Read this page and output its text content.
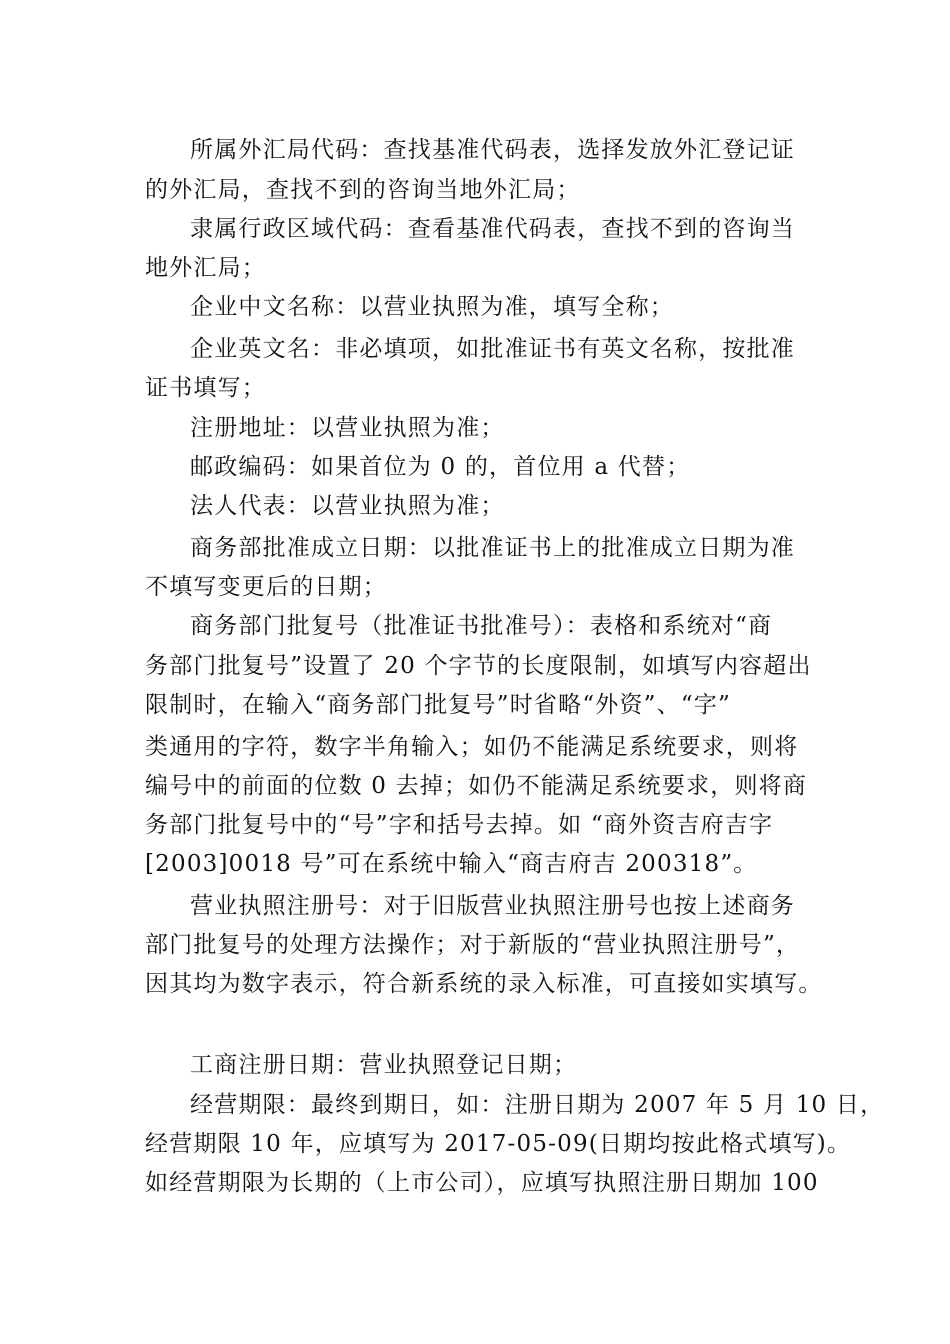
所属外汇局代码：查找基准代码表，选择发放外汇登记证
的外汇局，查找不到的咨询当地外汇局；
隶属行政区域代码：查看基准代码表，查找不到的咨询当
地外汇局；
企业中文名称：以营业执照为准，填写全称；
企业英文名：非必填项，如批准证书有英文名称，按批准
证书填写；
注册地址：以营业执照为准；
邮政编码：如果首位为 0 的，首位用 a 代替；
法人代表：以营业执照为准；
商务部批准成立日期：以批准证书上的批准成立日期为准
不填写变更后的日期；
商务部门批复号（批准证书批准号）：表格和系统对“商
务部门批复号”设置了 20 个字节的长度限制，如填写内容超出
限制时，在输入“商务部门批复号”时省略“外资”、“字”
类通用的字符，数字半角输入；如仍不能满足系统要求，则将
编号中的前面的位数 0 去掉；如仍不能满足系统要求，则将商
务部门批复号中的“号”字和括号去掉。如 “商外资吉府吉字
[2003]0018 号”可在系统中输入“商吉府吉 200318”。
营业执照注册号：对于旧版营业执照注册号也按上述商务
部门批复号的处理方法操作；对于新版的“营业执照注册号”，
因其均为数字表示，符合新系统的录入标准，可直接如实填写。
工商注册日期：营业执照登记日期；
经营期限：最终到期日，如：注册日期为 2007 年 5 月 10 日，
经营期限 10 年，应填写为 2017-05-09(日期均按此格式填写)。
如经营期限为长期的（上市公司），应填写执照注册日期加 100
